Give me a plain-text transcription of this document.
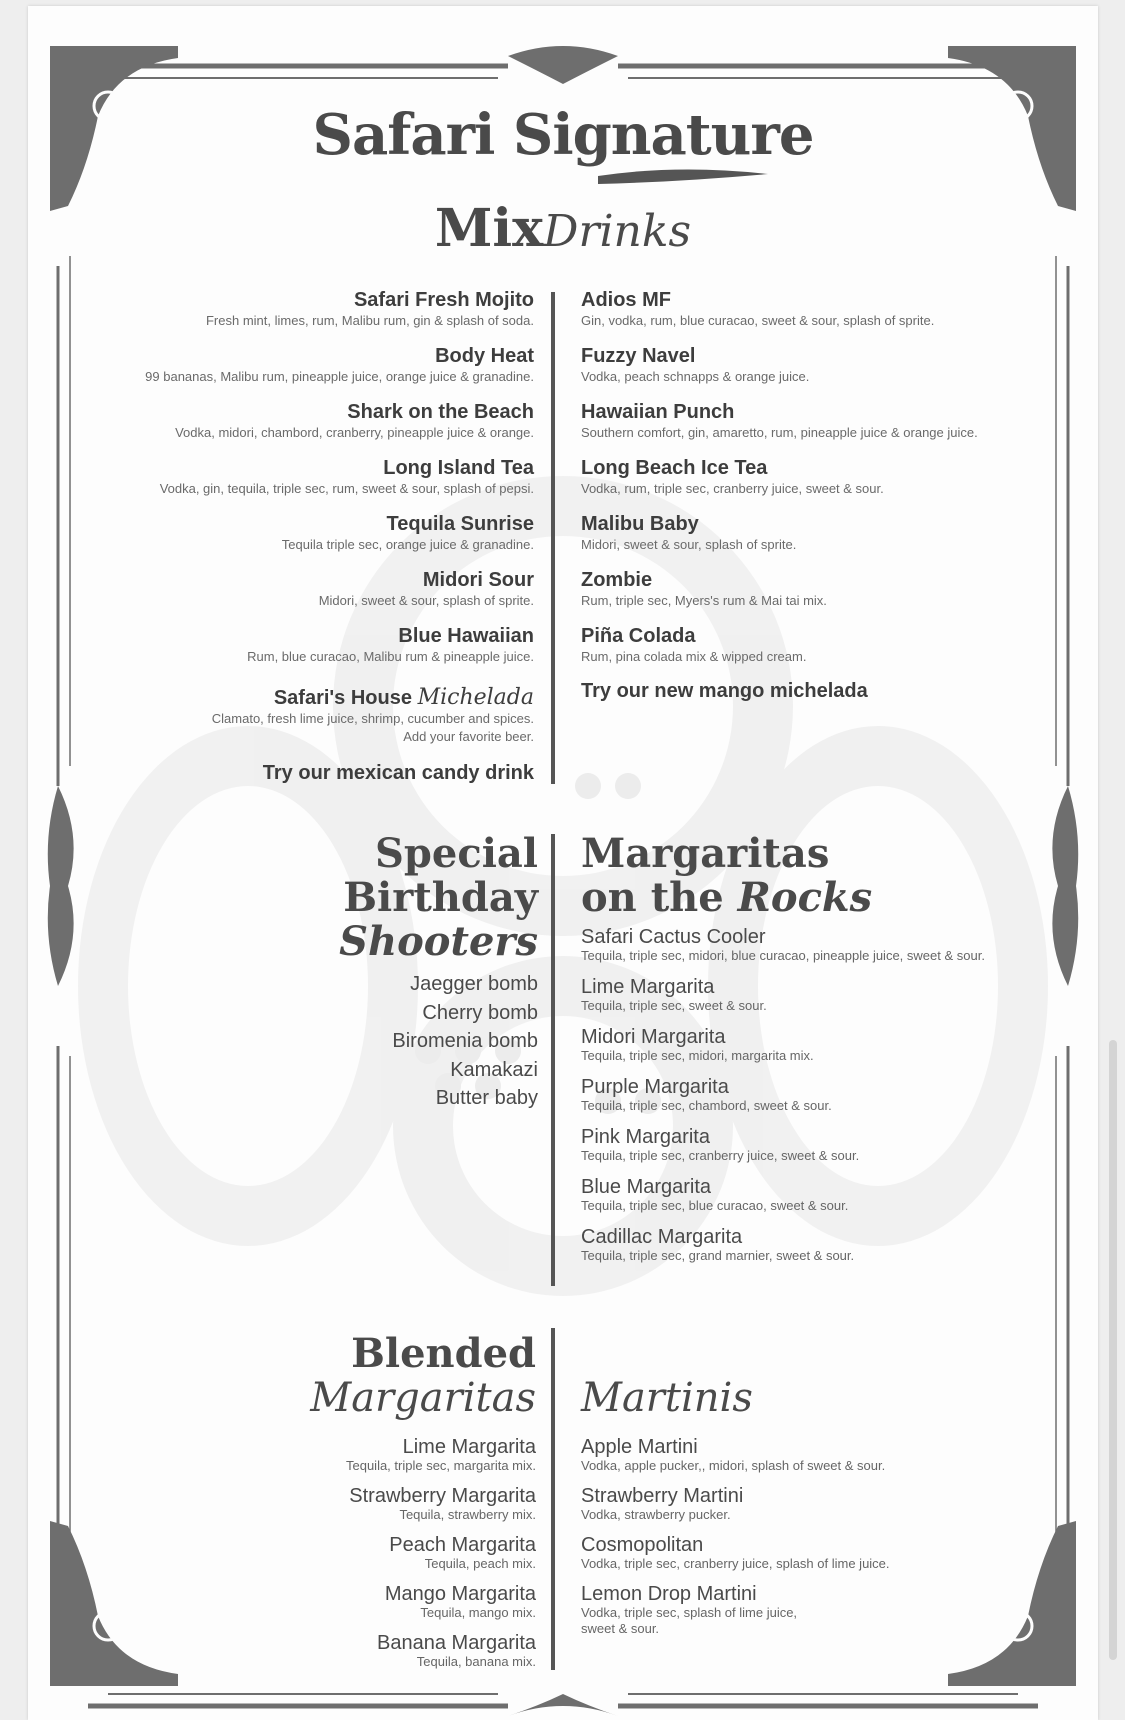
Safari Signature
MixDrinks
Safari Fresh Mojito
Fresh mint, limes, rum, Malibu rum, gin & splash of soda.
Body Heat
99 bananas, Malibu rum, pineapple juice, orange juice & granadine.
Shark on the Beach
Vodka, midori, chambord, cranberry, pineapple juice & orange.
Long Island Tea
Vodka, gin, tequila, triple sec, rum, sweet & sour, splash of pepsi.
Tequila Sunrise
Tequila triple sec, orange juice & granadine.
Midori Sour
Midori, sweet & sour, splash of sprite.
Blue Hawaiian
Rum, blue curacao, Malibu rum & pineapple juice.
Safari's House Michelada
Clamato, fresh lime juice, shrimp, cucumber and spices.
Add your favorite beer.
Try our mexican candy drink
Adios MF
Gin, vodka, rum, blue curacao, sweet & sour, splash of sprite.
Fuzzy Navel
Vodka, peach schnapps & orange juice.
Hawaiian Punch
Southern comfort, gin, amaretto, rum, pineapple juice & orange juice.
Long Beach Ice Tea
Vodka, rum, triple sec, cranberry juice, sweet & sour.
Malibu Baby
Midori, sweet & sour, splash of sprite.
Zombie
Rum, triple sec, Myers's rum & Mai tai mix.
Piña Colada
Rum, pina colada mix & wipped cream.
Try our new mango michelada
Special
Birthday Shooters
Jaegger bomb
Cherry bomb
Biromenia bomb
Kamakazi
Butter baby
Margaritas
on the Rocks
Safari Cactus Cooler
Tequila, triple sec, midori, blue curacao, pineapple juice, sweet & sour.
Lime Margarita
Tequila, triple sec, sweet & sour.
Midori Margarita
Tequila, triple sec, midori, margarita mix.
Purple Margarita
Tequila, triple sec, chambord, sweet & sour.
Pink Margarita
Tequila, triple sec, cranberry juice, sweet & sour.
Blue Margarita
Tequila, triple sec, blue curacao, sweet & sour.
Cadillac Margarita
Tequila, triple sec, grand marnier, sweet & sour.
Blended
Margaritas
Lime Margarita
Tequila, triple sec, margarita mix.
Strawberry Margarita
Tequila, strawberry mix.
Peach Margarita
Tequila, peach mix.
Mango Margarita
Tequila, mango mix.
Banana Margarita
Tequila, banana mix.
Martinis
Apple Martini
Vodka, apple pucker,, midori, splash of sweet & sour.
Strawberry Martini
Vodka, strawberry pucker.
Cosmopolitan
Vodka, triple sec, cranberry juice, splash of lime juice.
Lemon Drop Martini
Vodka, triple sec, splash of lime juice, sweet & sour.
